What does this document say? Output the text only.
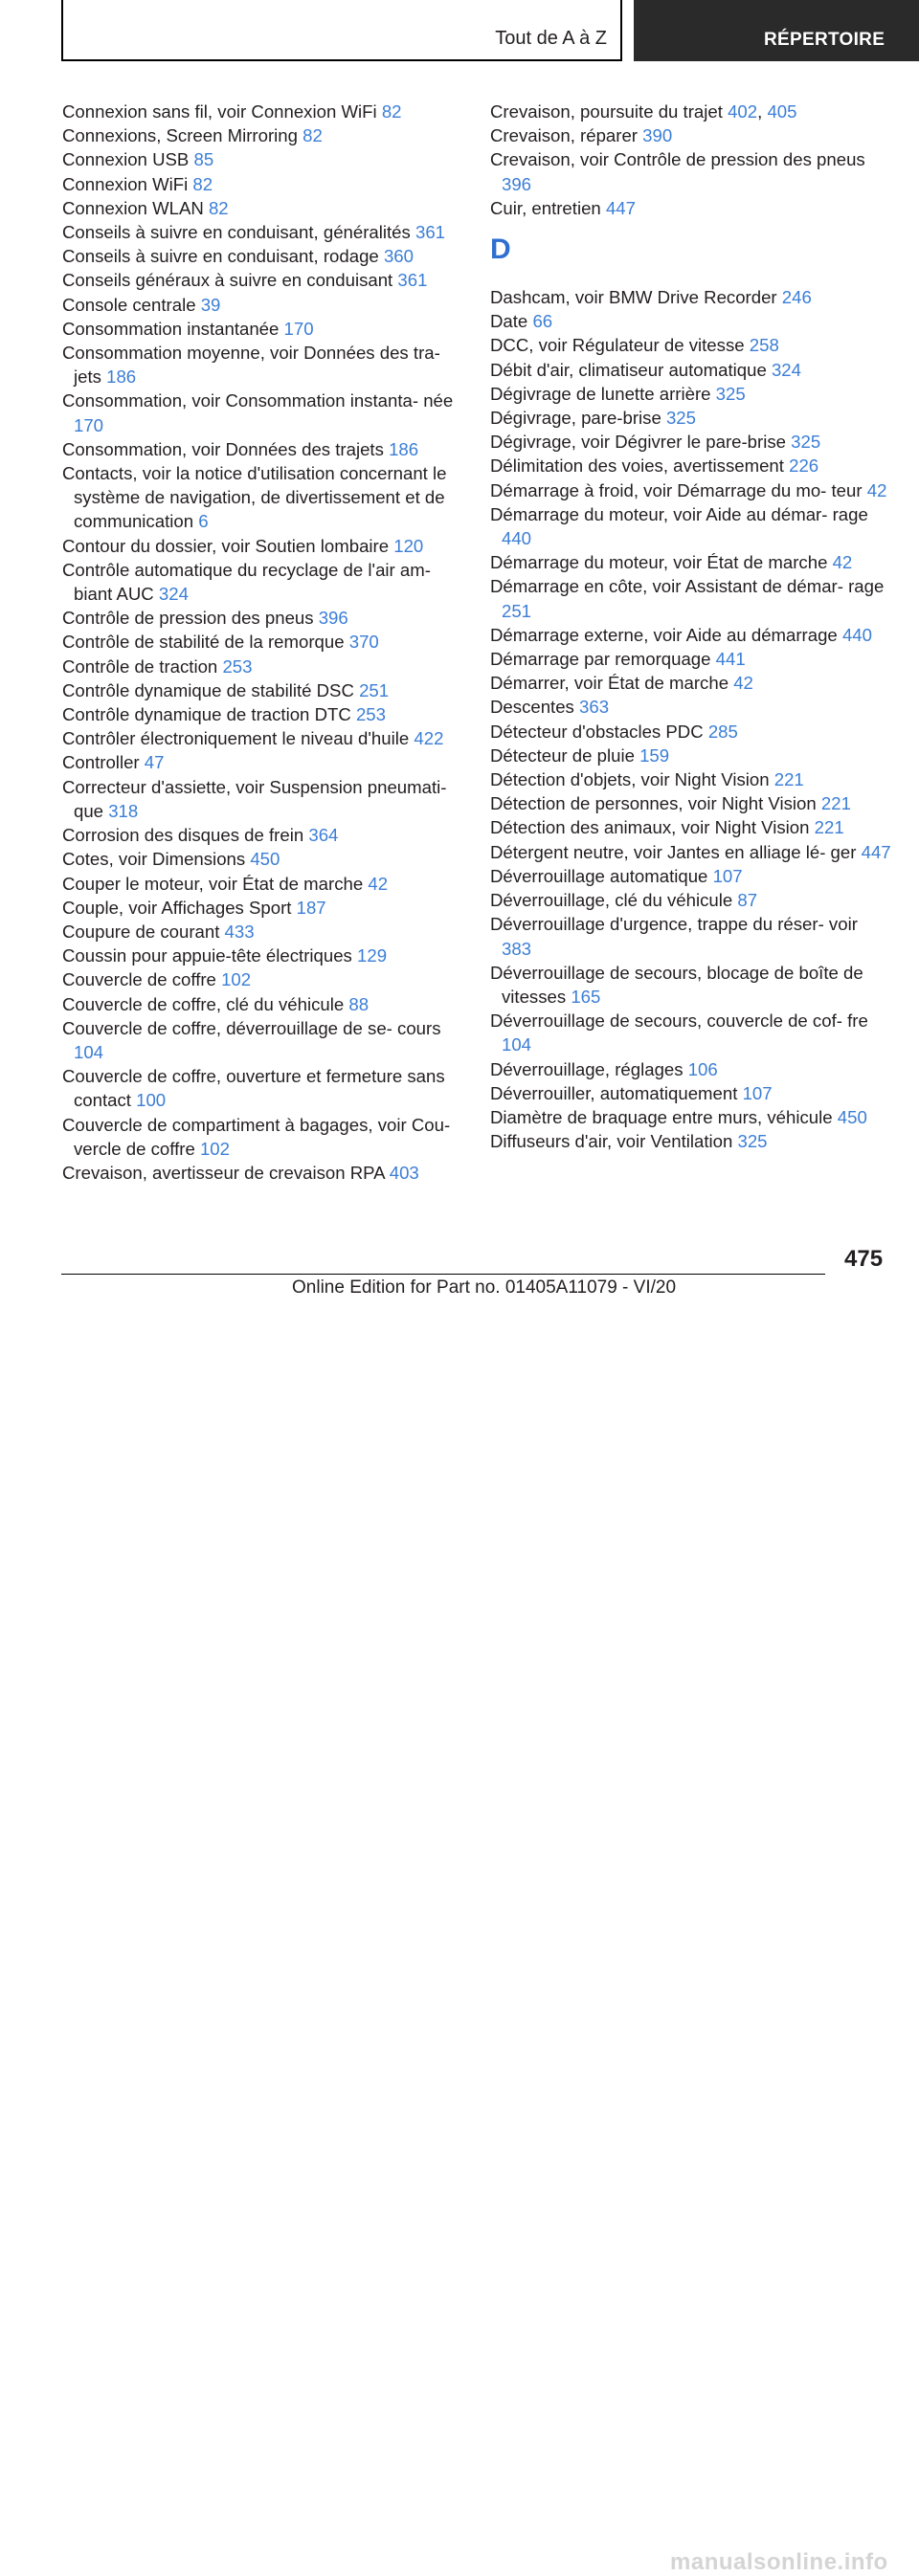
Tout de A à Z	RÉPERTOIRE

Connexion sans fil, voir Connexion WiFi 82

Connexions, Screen Mirroring 82

Connexion USB 85

Connexion WiFi 82

Connexion WLAN 82

Conseils à suivre en conduisant, généralités 361

Conseils à suivre en conduisant, rodage 360

Conseils généraux à suivre en conduisant 361

Console centrale 39

Consommation instantanée 170

Consommation moyenne, voir Données des tra‐ jets 186

Consommation, voir Consommation instanta‐ née 170

Consommation, voir Données des trajets 186

Contacts, voir la notice d'utilisation concernant le système de navigation, de divertissement et de communication 6

Contour du dossier, voir Soutien lombaire 120

Contrôle automatique du recyclage de l'air am‐ biant AUC 324

Contrôle de pression des pneus 396

Contrôle de stabilité de la remorque 370

Contrôle de traction 253

Contrôle dynamique de stabilité DSC 251

Contrôle dynamique de traction DTC 253

Contrôler électroniquement le niveau d'huile 422

Controller 47

Correcteur d'assiette, voir Suspension pneumati‐ que 318

Corrosion des disques de frein 364

Cotes, voir Dimensions 450

Couper le moteur, voir État de marche 42

Couple, voir Affichages Sport 187

Coupure de courant 433

Coussin pour appuie-tête électriques 129

Couvercle de coffre 102

Couvercle de coffre, clé du véhicule 88

Couvercle de coffre, déverrouillage de se‐ cours 104

Couvercle de coffre, ouverture et fermeture sans contact 100

Couvercle de compartiment à bagages, voir Cou‐ vercle de coffre 102

Crevaison, avertisseur de crevaison RPA 403

Crevaison, poursuite du trajet 402, 405

Crevaison, réparer 390

Crevaison, voir Contrôle de pression des pneus 396

Cuir, entretien 447

D

Dashcam, voir BMW Drive Recorder 246

Date 66

DCC, voir Régulateur de vitesse 258

Débit d'air, climatiseur automatique 324

Dégivrage de lunette arrière 325

Dégivrage, pare-brise 325

Dégivrage, voir Dégivrer le pare-brise 325

Délimitation des voies, avertissement 226

Démarrage à froid, voir Démarrage du mo‐ teur 42

Démarrage du moteur, voir Aide au démar‐ rage 440

Démarrage du moteur, voir État de marche 42

Démarrage en côte, voir Assistant de démar‐ rage 251

Démarrage externe, voir Aide au démarrage 440

Démarrage par remorquage 441

Démarrer, voir État de marche 42

Descentes 363

Détecteur d'obstacles PDC 285

Détecteur de pluie 159

Détection d'objets, voir Night Vision 221

Détection de personnes, voir Night Vision 221

Détection des animaux, voir Night Vision 221

Détergent neutre, voir Jantes en alliage lé‐ ger 447

Déverrouillage automatique 107

Déverrouillage, clé du véhicule 87

Déverrouillage d'urgence, trappe du réser‐ voir 383

Déverrouillage de secours, blocage de boîte de vitesses 165

Déverrouillage de secours, couvercle de cof‐ fre 104

Déverrouillage, réglages 106

Déverrouiller, automatiquement 107

Diamètre de braquage entre murs, véhicule 450

Diffuseurs d'air, voir Ventilation 325

475
Online Edition for Part no. 01405A11079 - VI/20
manualsonline.info
